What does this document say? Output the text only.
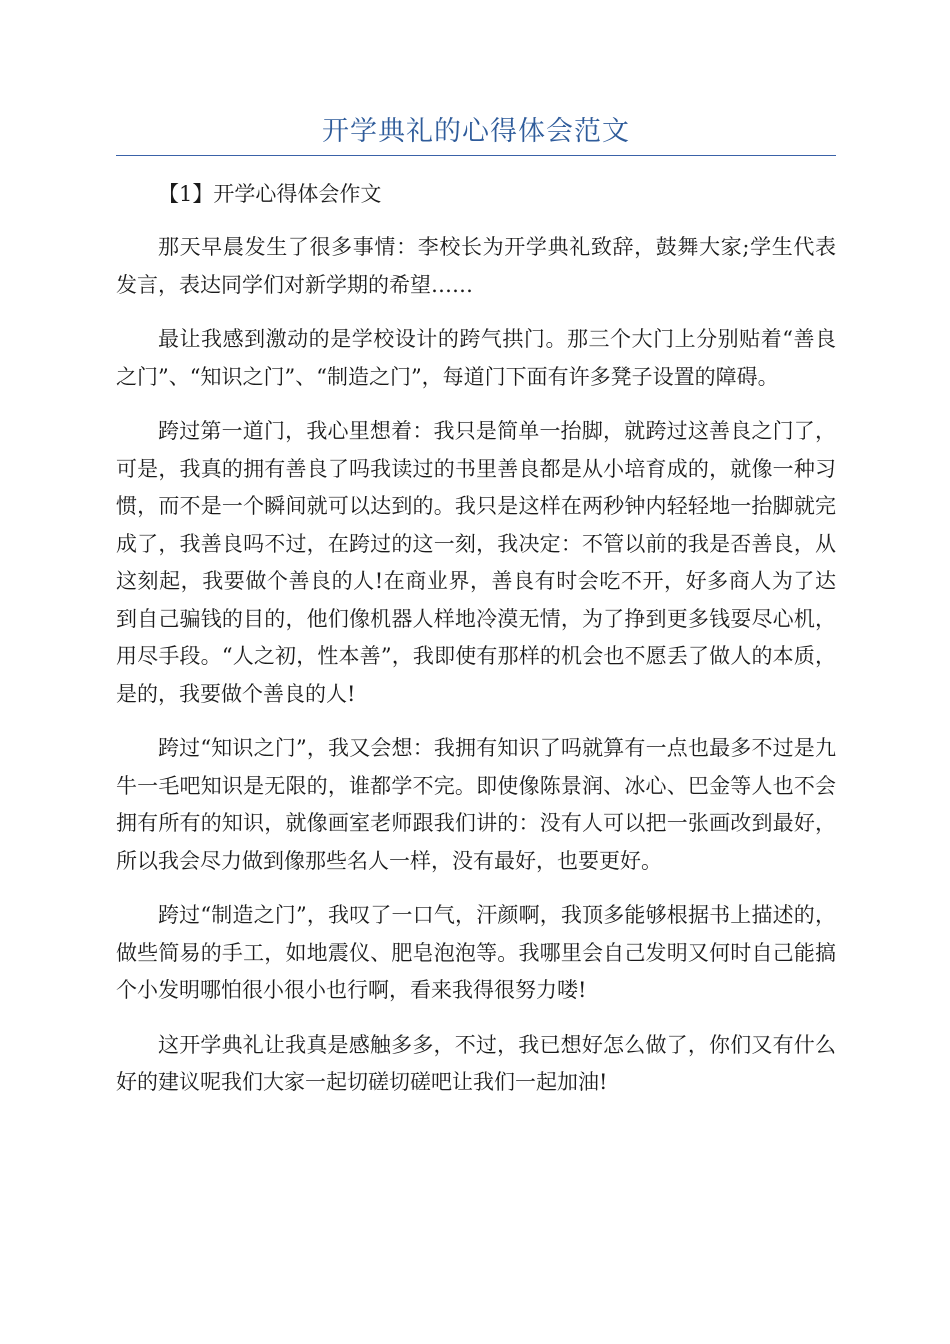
开学典礼的心得体会范文

【1】开学心得体会作文

那天早晨发生了很多事情：李校长为开学典礼致辞，鼓舞大家;学生代表发言，表达同学们对新学期的希望……

最让我感到激动的是学校设计的跨气拱门。那三个大门上分别贴着“善良之门”、“知识之门”、“制造之门”，每道门下面有许多凳子设置的障碍。

跨过第一道门，我心里想着：我只是简单一抬脚，就跨过这善良之门了，可是，我真的拥有善良了吗我读过的书里善良都是从小培育成的，就像一种习惯，而不是一个瞬间就可以达到的。我只是这样在两秒钟内轻轻地一抬脚就完成了，我善良吗不过，在跨过的这一刻，我决定：不管以前的我是否善良，从这刻起，我要做个善良的人!在商业界，善良有时会吃不开，好多商人为了达到自己骗钱的目的，他们像机器人样地冷漠无情，为了挣到更多钱耍尽心机，用尽手段。“人之初，性本善”，我即使有那样的机会也不愿丢了做人的本质，是的，我要做个善良的人!

跨过“知识之门”，我又会想：我拥有知识了吗就算有一点也最多不过是九牛一毛吧知识是无限的，谁都学不完。即使像陈景润、冰心、巴金等人也不会拥有所有的知识，就像画室老师跟我们讲的：没有人可以把一张画改到最好，所以我会尽力做到像那些名人一样，没有最好，也要更好。

跨过“制造之门”，我叹了一口气，汗颜啊，我顶多能够根据书上描述的，做些简易的手工，如地震仪、肥皂泡泡等。我哪里会自己发明又何时自己能搞个小发明哪怕很小很小也行啊，看来我得很努力喽!

这开学典礼让我真是感触多多，不过，我已想好怎么做了，你们又有什么好的建议呢我们大家一起切磋切磋吧让我们一起加油!
